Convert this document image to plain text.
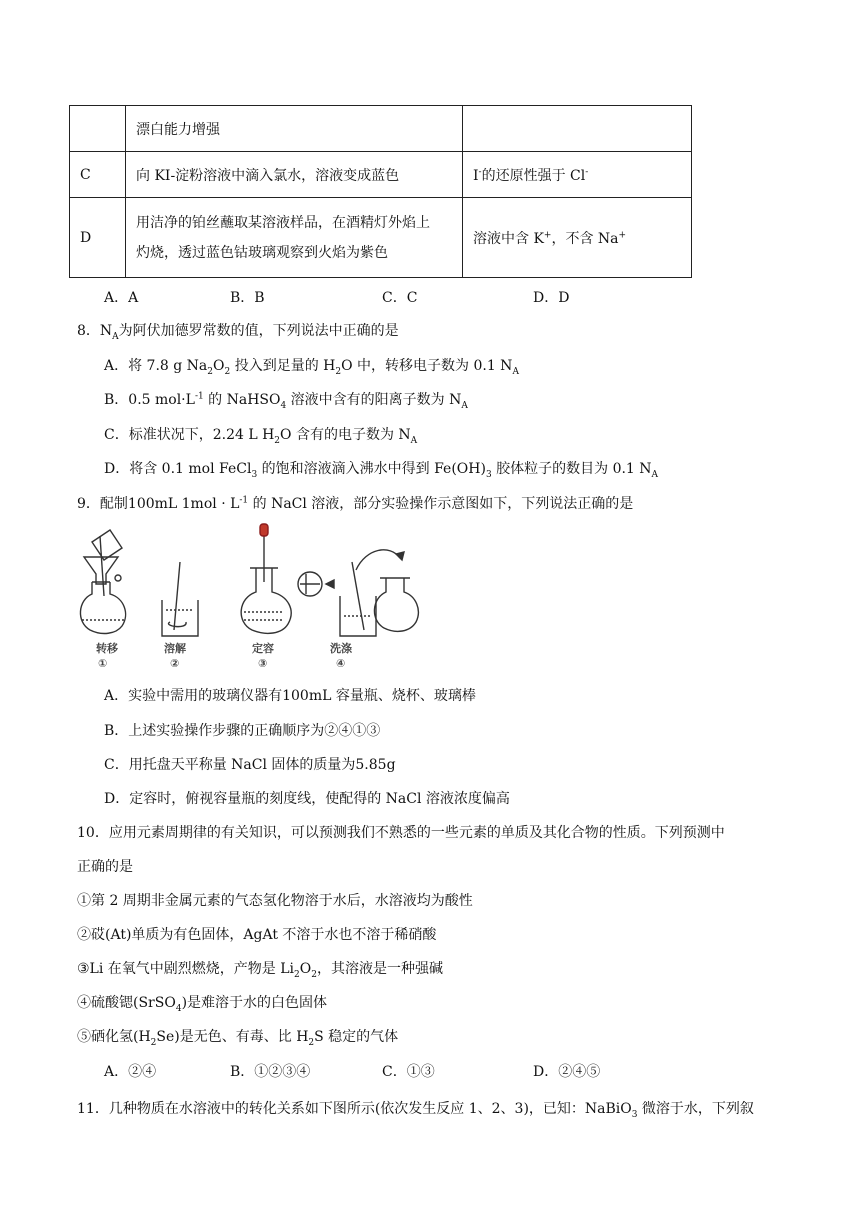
	漂白能力增强	
C	向 KI-淀粉溶液中滴入氯水，溶液变成蓝色	I-的还原性强于 Cl-
D	用洁净的铂丝蘸取某溶液样品，在酒精灯外焰上
灼烧，透过蓝色钴玻璃观察到火焰为紫色	溶液中含 K+，不含 Na+
A．A	B．B	C．C	D．D
8．$N_A$为阿伏加德罗常数的值，下列说法中正确的是
A．将 7.8 g $Na_2O_2$ 投入到足量的 $H_2O$ 中，转移电子数为 0.1 $N_A$
B．0.5 $mol\cdot L^{-1}$ 的 NaHSO$_4$ 溶液中含有的阳离子数为 $N_A$
C．标准状况下，2.24 L $H_2O$ 含有的电子数为 $N_A$
D．将含 0.1 mol FeCl$_3$ 的饱和溶液滴入沸水中得到 $Fe(OH)_3$ 胶体粒子的数目为 0.1 $N_A$
9．配制100mL $1mol \cdot L^{-1}$ 的 NaCl 溶液，部分实验操作示意图如下，下列说法正确的是
转移
①
溶解
②
定容
③
洗涤
④
A．实验中需用的玻璃仪器有100mL 容量瓶、烧杯、玻璃棒
B．上述实验操作步骤的正确顺序为②④①③
C．用托盘天平称量 NaCl 固体的质量为5.85g
D．定容时，俯视容量瓶的刻度线，使配得的 NaCl 溶液浓度偏高
10．应用元素周期律的有关知识，可以预测我们不熟悉的一些元素的单质及其化合物的性质。下列预测中
正确的是
①第 2 周期非金属元素的气态氢化物溶于水后，水溶液均为酸性
②砹(At)单质为有色固体，AgAt 不溶于水也不溶于稀硝酸
③Li 在氧气中剧烈燃烧，产物是 $Li_2O_2$，其溶液是一种强碱
④硫酸锶(SrSO$_4$)是难溶于水的白色固体
⑤硒化氢$(H_2Se)$是无色、有毒、比 $H_2S$ 稳定的气体
A．②④	B．①②③④	C．①③	D．②④⑤
11．几种物质在水溶液中的转化关系如下图所示(依次发生反应 1、2、3)，已知：NaBiO$_3$ 微溶于水，下列叙
